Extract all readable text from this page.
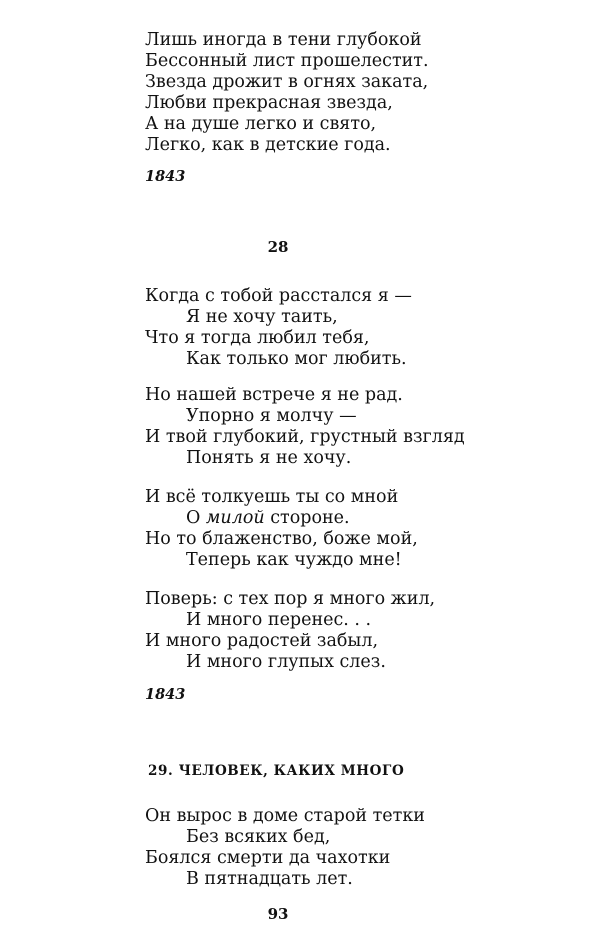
Лишь иногда в тени глубокой
Бессонный лист прошелестит.
Звезда дрожит в огнях заката,
Любви прекрасная звезда,
А на душе легко и свято,
Легко, как в детские года.
1843
28
Когда с тобой расстался я —
Я не хочу таить,
Что я тогда любил тебя,
Как только мог любить.
Но нашей встрече я не рад.
Упорно я молчу —
И твой глубокий, грустный взгляд
Понять я не хочу.
И всё толкуешь ты со мной
О милой стороне.
Но то блаженство, боже мой,
Теперь как чуждо мне!
Поверь: с тех пор я много жил,
И много перенес. . .
И много радостей забыл,
И много глупых слез.
1843
29. ЧЕЛОВЕК, КАКИХ МНОГО
Он вырос в доме старой тетки
Без всяких бед,
Боялся смерти да чахотки
В пятнадцать лет.
93
